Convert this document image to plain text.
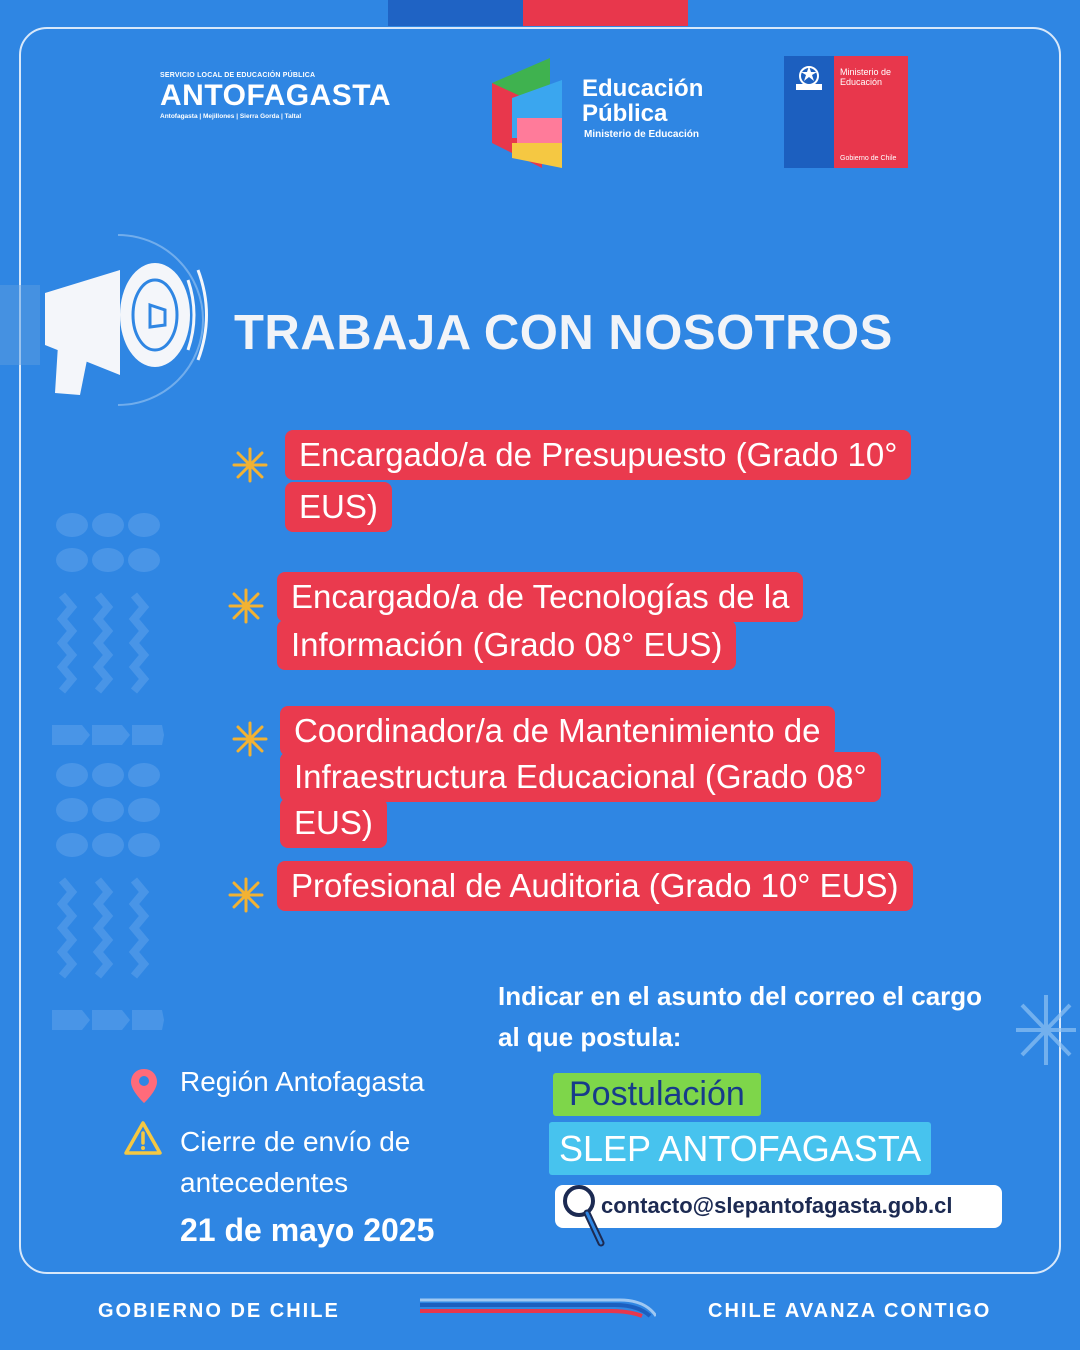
SERVICIO LOCAL DE EDUCACIÓN PÚBLICA
ANTOFAGASTA
Antofagasta | Mejillones | Sierra Gorda | Taltal
Educación
Pública
Ministerio de Educación
Ministerio de
Educación
Gobierno de Chile
TRABAJA CON NOSOTROS
Encargado/a de Presupuesto (Grado 10°
EUS)
Encargado/a de Tecnologías de la
Información (Grado 08° EUS)
Coordinador/a de Mantenimiento de
Infraestructura Educacional (Grado 08°
EUS)
Profesional de Auditoria (Grado 10° EUS)
Región Antofagasta
Cierre de envío de antecedentes
21 de mayo 2025
Indicar en el asunto del correo el cargo al que postula:
Postulación
SLEP ANTOFAGASTA
contacto@slepantofagasta.gob.cl
GOBIERNO DE CHILE	CHILE AVANZA CONTIGO
